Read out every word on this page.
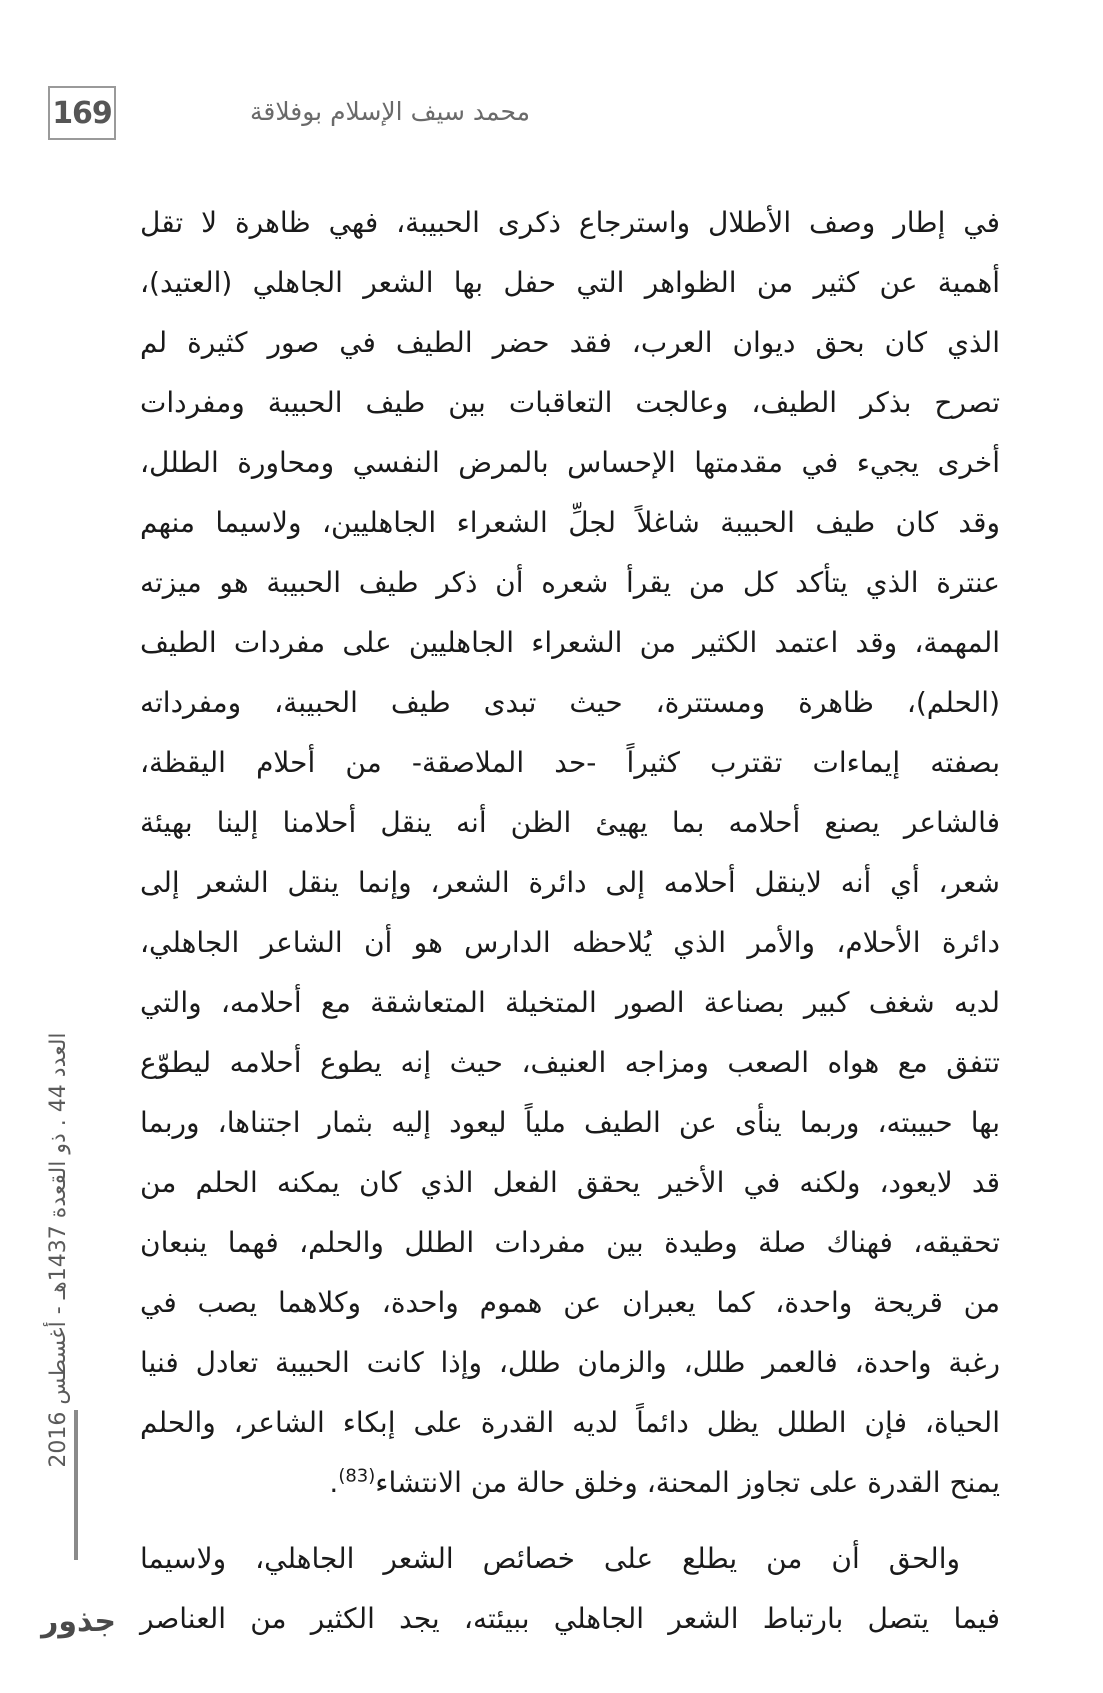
169	محمد سيف الإسلام بوفلاقة
العدد 44 . ذو القعدة 1437هـ - أغسطس 2016
جذور
في إطار وصف الأطلال واسترجاع ذكرى الحبيبة، فهي ظاهرة لا تقل
أهمية عن كثير من الظواهر التي حفل بها الشعر الجاهلي (العتيد)،
الذي كان بحق ديوان العرب، فقد حضر الطيف في صور كثيرة لم
تصرح بذكر الطيف، وعالجت التعاقبات بين طيف الحبيبة ومفردات
أخرى يجيء في مقدمتها الإحساس بالمرض النفسي ومحاورة الطلل،
وقد كان طيف الحبيبة شاغلاً لجلِّ الشعراء الجاهليين، ولاسيما منهم
عنترة الذي يتأكد كل من يقرأ شعره أن ذكر طيف الحبيبة هو ميزته
المهمة، وقد اعتمد الكثير من الشعراء الجاهليين على مفردات الطيف
(الحلم)، ظاهرة ومستترة، حيث تبدى طيف الحبيبة، ومفرداته
بصفته إيماءات تقترب كثيراً -حد الملاصقة- من أحلام اليقظة،
فالشاعر يصنع أحلامه بما يهيئ الظن أنه ينقل أحلامنا إلينا بهيئة
شعر، أي أنه لاينقل أحلامه إلى دائرة الشعر، وإنما ينقل الشعر إلى
دائرة الأحلام، والأمر الذي يُلاحظه الدارس هو أن الشاعر الجاهلي،
لديه شغف كبير بصناعة الصور المتخيلة المتعاشقة مع أحلامه، والتي
تتفق مع هواه الصعب ومزاجه العنيف، حيث إنه يطوع أحلامه ليطوّع
بها حبيبته، وربما ينأى عن الطيف ملياً ليعود إليه بثمار اجتناها، وربما
قد لايعود، ولكنه في الأخير يحقق الفعل الذي كان يمكنه الحلم من
تحقيقه، فهناك صلة وطيدة بين مفردات الطلل والحلم، فهما ينبعان
من قريحة واحدة، كما يعبران عن هموم واحدة، وكلاهما يصب في
رغبة واحدة، فالعمر طلل، والزمان طلل، وإذا كانت الحبيبة تعادل فنيا
الحياة، فإن الطلل يظل دائماً لديه القدرة على إبكاء الشاعر، والحلم
يمنح القدرة على تجاوز المحنة، وخلق حالة من الانتشاء$^{(83)}$.
والحق أن من يطلع على خصائص الشعر الجاهلي، ولاسيما
فيما يتصل بارتباط الشعر الجاهلي ببيئته، يجد الكثير من العناصر
